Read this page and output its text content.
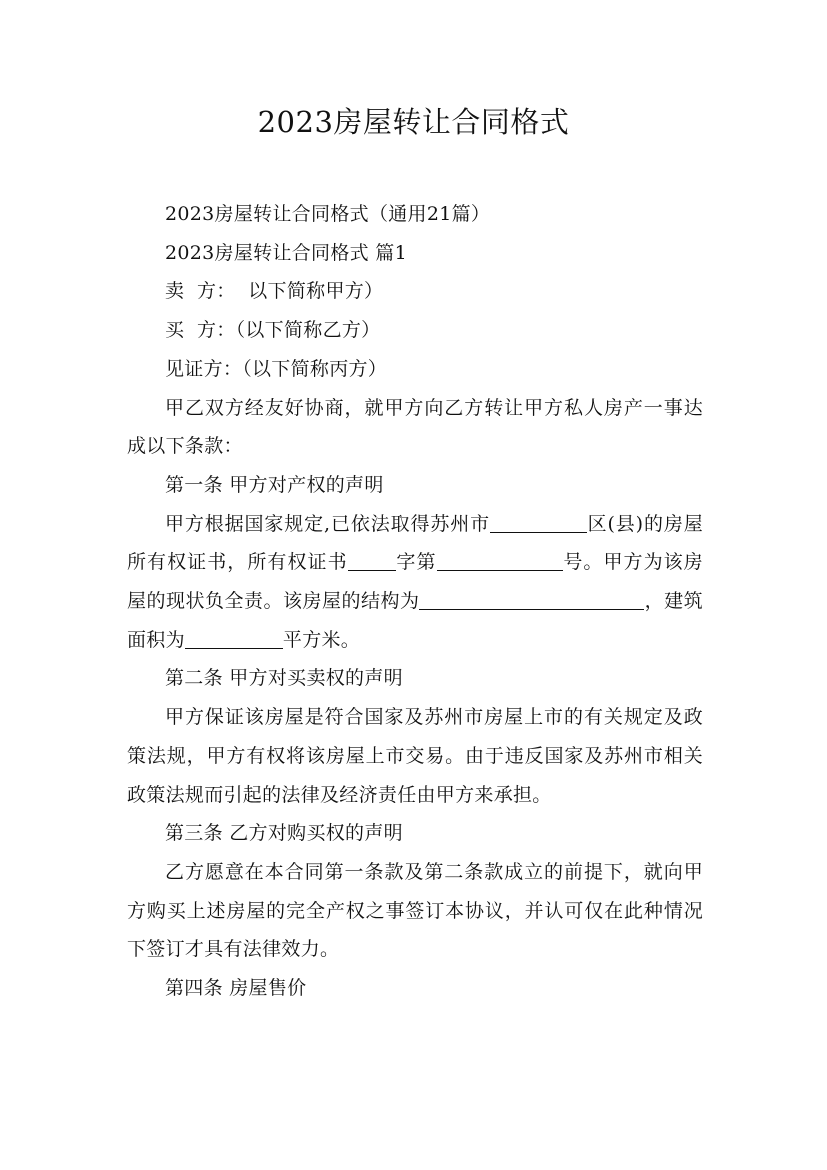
2023房屋转让合同格式

2023房屋转让合同格式（通用21篇）

2023房屋转让合同格式 篇1

卖  方：  以下简称甲方）

买  方：（以下简称乙方）

见证方：（以下简称丙方）

甲乙双方经友好协商，就甲方向乙方转让甲方私人房产一事达成以下条款：

第一条 甲方对产权的声明

甲方根据国家规定,已依法取得苏州市	区(县)的房屋所有权证书，所有权证书	字第	号。甲方为该房屋的现状负全责。该房屋的结构为	，建筑面积为	平方米。

第二条 甲方对买卖权的声明

甲方保证该房屋是符合国家及苏州市房屋上市的有关规定及政策法规，甲方有权将该房屋上市交易。由于违反国家及苏州市相关政策法规而引起的法律及经济责任由甲方来承担。

第三条 乙方对购买权的声明

乙方愿意在本合同第一条款及第二条款成立的前提下，就向甲方购买上述房屋的完全产权之事签订本协议，并认可仅在此种情况下签订才具有法律效力。

第四条 房屋售价
